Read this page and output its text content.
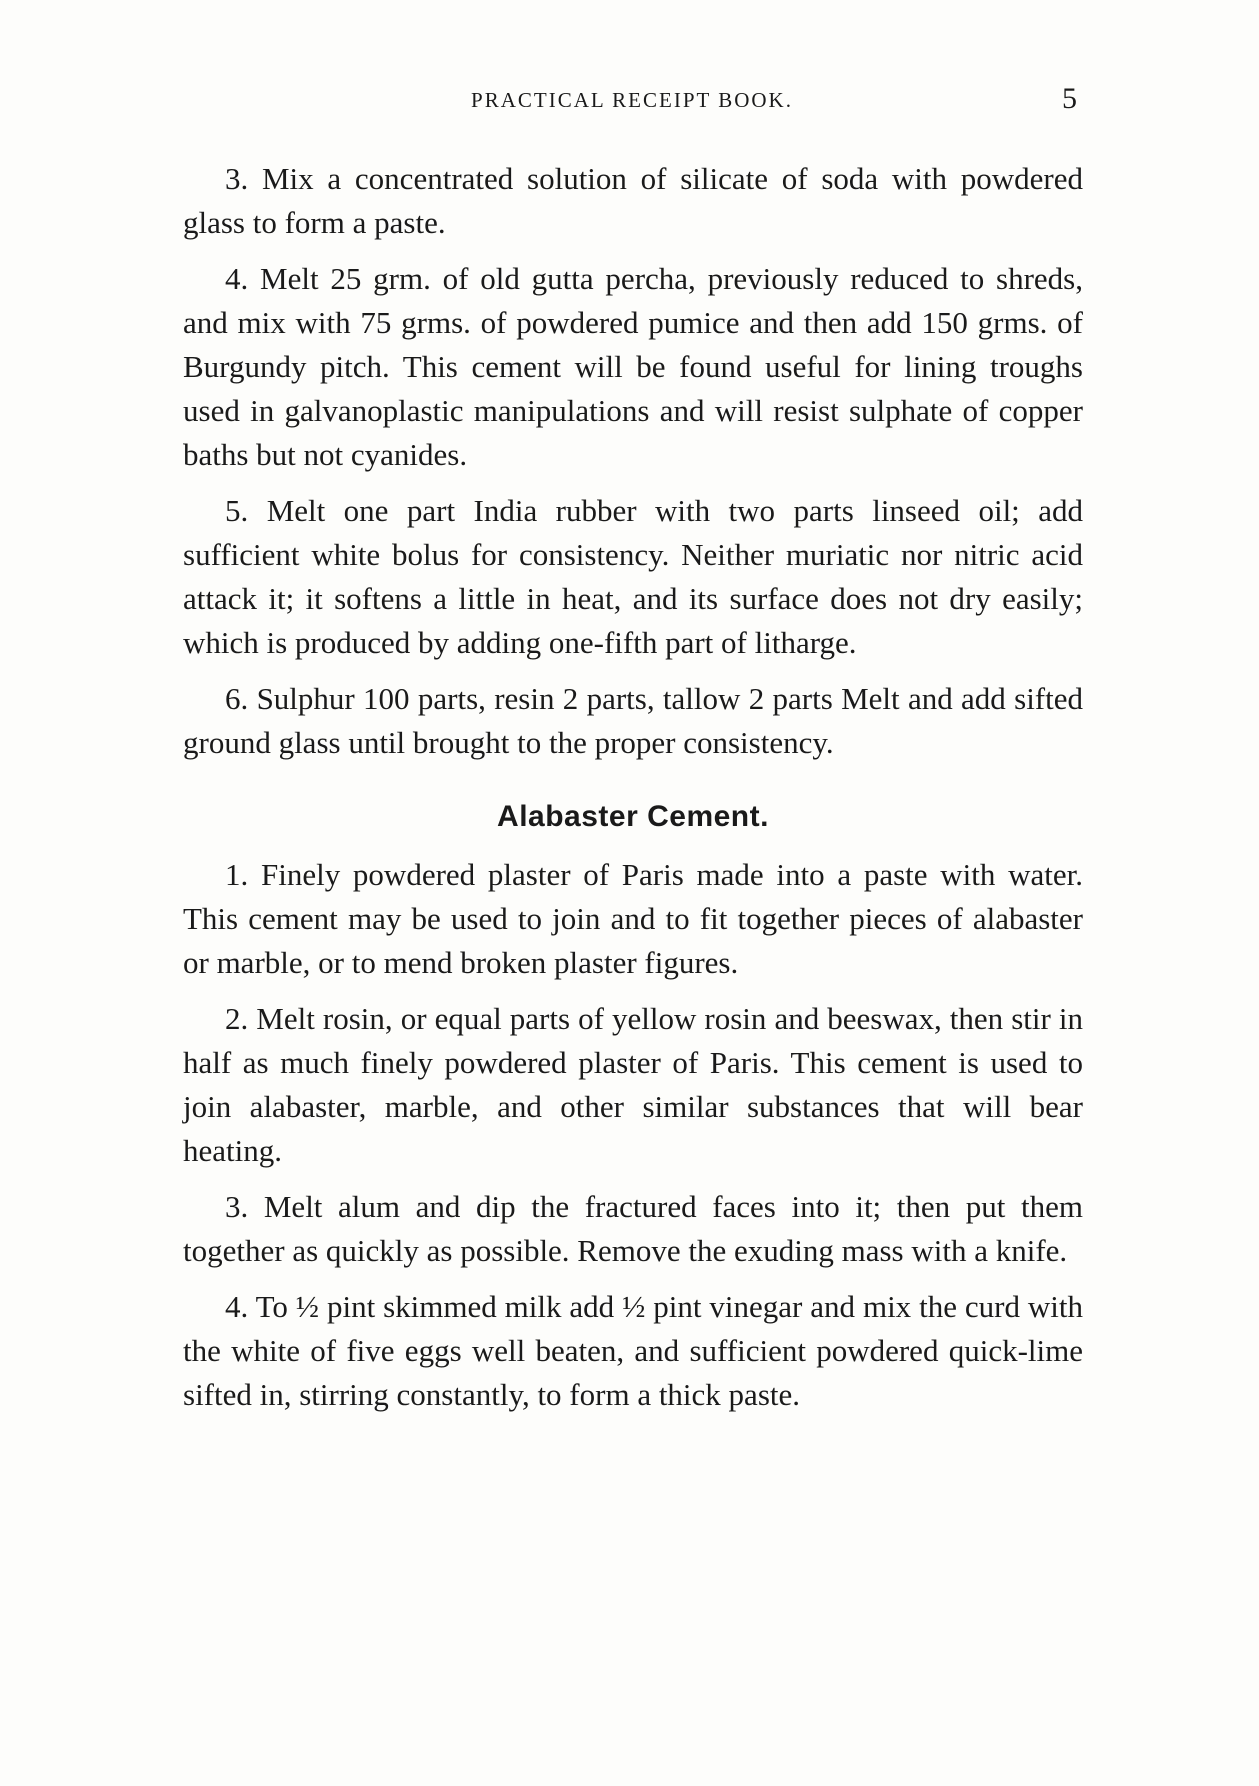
PRACTICAL RECEIPT BOOK.	5

3. Mix a concentrated solution of silicate of soda with powdered glass to form a paste.

4. Melt 25 grm. of old gutta percha, previously reduced to shreds, and mix with 75 grms. of powdered pumice and then add 150 grms. of Burgundy pitch. This cement will be found useful for lining troughs used in galvanoplastic manipulations and will resist sulphate of copper baths but not cyanides.

5. Melt one part India rubber with two parts linseed oil; add sufficient white bolus for consistency. Neither muriatic nor nitric acid attack it; it softens a little in heat, and its surface does not dry easily; which is produced by adding one-fifth part of litharge.

6. Sulphur 100 parts, resin 2 parts, tallow 2 parts Melt and add sifted ground glass until brought to the proper consistency.

Alabaster Cement.

1. Finely powdered plaster of Paris made into a paste with water. This cement may be used to join and to fit together pieces of alabaster or marble, or to mend broken plaster figures.

2. Melt rosin, or equal parts of yellow rosin and beeswax, then stir in half as much finely powdered plaster of Paris. This cement is used to join alabaster, marble, and other similar substances that will bear heating.

3. Melt alum and dip the fractured faces into it; then put them together as quickly as possible. Remove the exuding mass with a knife.

4. To ½ pint skimmed milk add ½ pint vinegar and mix the curd with the white of five eggs well beaten, and sufficient powdered quick-lime sifted in, stirring constantly, to form a thick paste.
